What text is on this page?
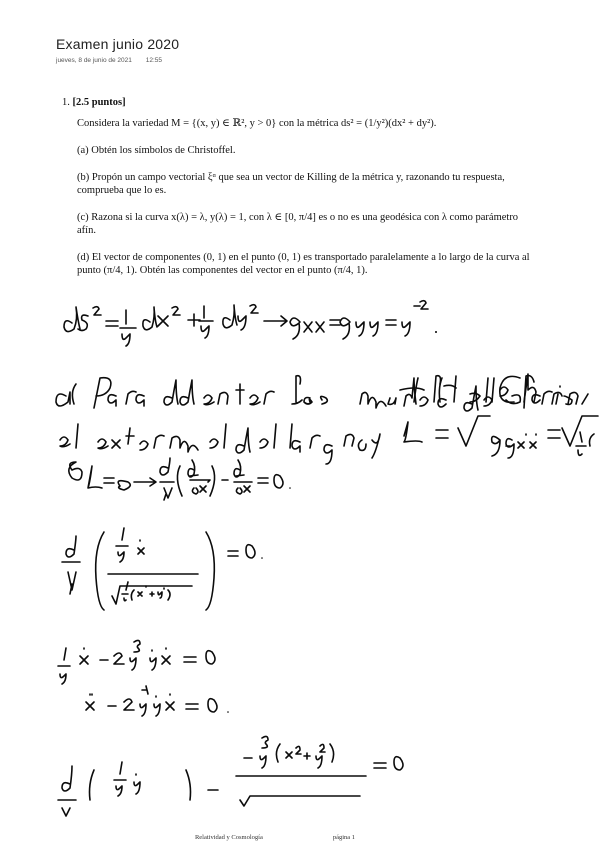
Examen junio 2020
jueves, 8 de junio de 2021 12:55
1. [2.5 puntos]
Considera la variedad M = {(x, y) ∈ ℝ², y > 0} con la métrica ds² = (1/y²)(dx² + dy²).
(a) Obtén los símbolos de Christoffel.
(b) Propón un campo vectorial ξᵅ que sea un vector de Killing de la métrica y, razonando tu respuesta, comprueba que lo es.
(c) Razona si la curva x(λ) = λ, y(λ) = 1, con λ ∈ [0, π/4] es o no es una geodésica con λ como parámetro afín.
(d) El vector de componentes (0, 1) en el punto (0, 1) es transportado paralelamente a lo largo de la curva al punto (π/4, 1). Obtén las componentes del vector en el punto (π/4, 1).
Relatividad y Cosmología	página 1
